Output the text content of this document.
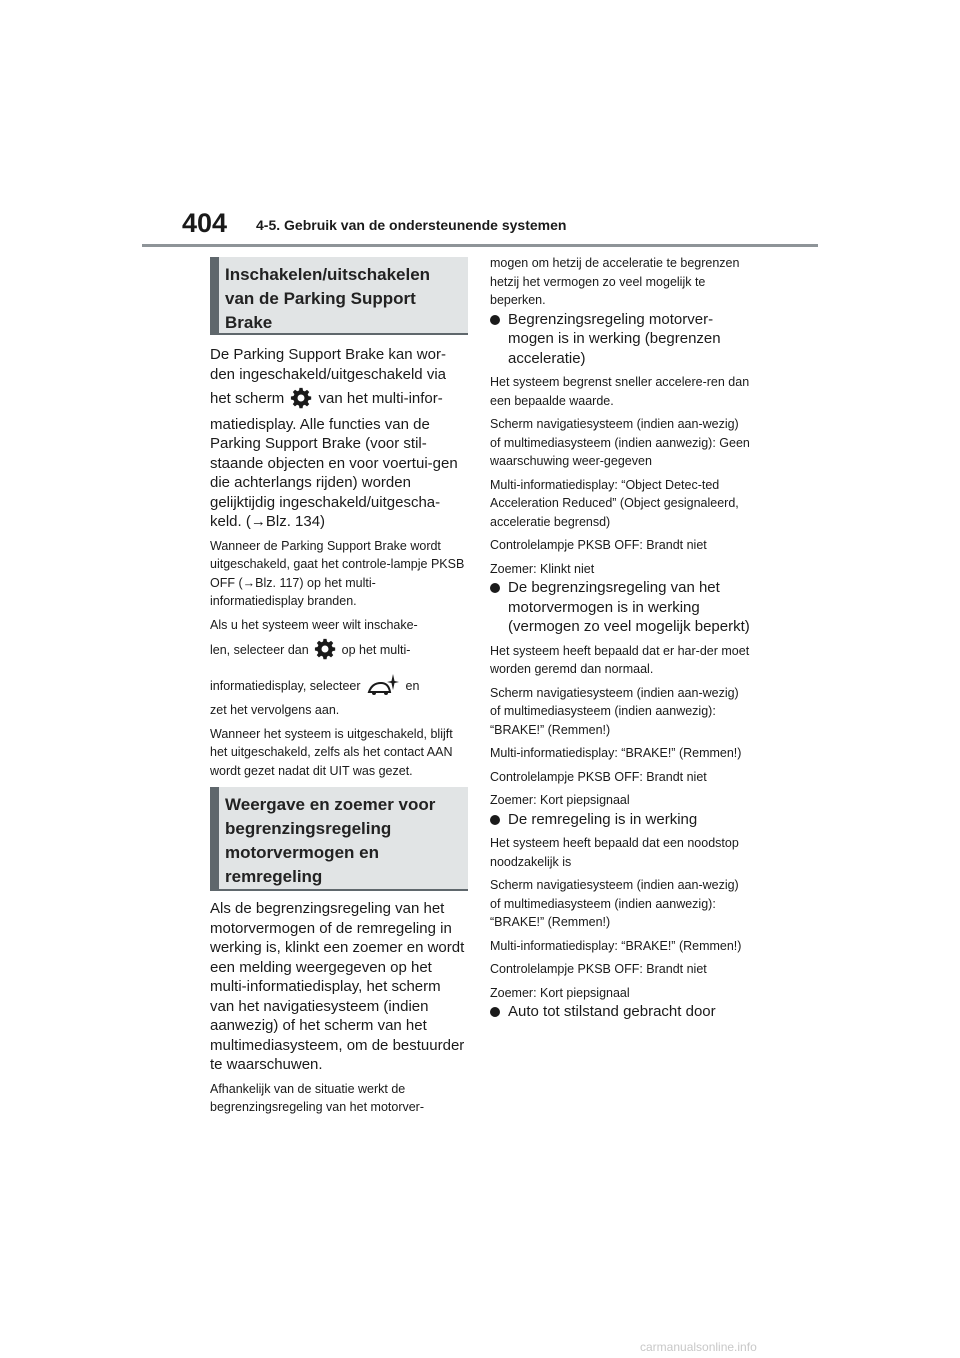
404 4-5. Gebruik van de ondersteunende systemen
Inschakelen/uitschakelen
van de Parking Support
Brake

De Parking Support Brake kan wor-den ingeschakeld/uitgeschakeld via

het scherm van het multi-infor-

matiedisplay. Alle functies van de Parking Support Brake (voor stil-staande objecten en voor voertui-gen die achterlangs rijden) worden gelijktijdig ingeschakeld/uitgescha-keld. (→Blz. 134)

Wanneer de Parking Support Brake wordt uitgeschakeld, gaat het controle-lampje PKSB OFF (→Blz. 117) op het multi-informatiedisplay branden.

Als u het systeem weer wilt inschake-

len, selecteer dan	op het multi-

informatiedisplay, selecteer	en

zet het vervolgens aan.

Wanneer het systeem is uitgeschakeld, blijft het uitgeschakeld, zelfs als het contact AAN wordt gezet nadat dit UIT was gezet.

Weergave en zoemer voor
begrenzingsregeling
motorvermogen en
remregeling

Als de begrenzingsregeling van het motorvermogen of de remregeling in werking is, klinkt een zoemer en wordt een melding weergegeven op het multi-informatiedisplay, het scherm van het navigatiesysteem (indien aanwezig) of het scherm van het multimediasysteem, om de bestuurder te waarschuwen.

Afhankelijk van de situatie werkt de begrenzingsregeling van het motorver-

mogen om hetzij de acceleratie te begrenzen hetzij het vermogen zo veel mogelijk te beperken.

Begrenzingsregeling motorver-mogen is in werking (begrenzen acceleratie)

Het systeem begrenst sneller accelere-ren dan een bepaalde waarde.

Scherm navigatiesysteem (indien aan-wezig) of multimediasysteem (indien aanwezig): Geen waarschuwing weer-gegeven

Multi-informatiedisplay: “Object Detec-ted Acceleration Reduced” (Object gesignaleerd, acceleratie begrensd)

Controlelampje PKSB OFF: Brandt niet

Zoemer: Klinkt niet

De begrenzingsregeling van het motorvermogen is in werking (vermogen zo veel mogelijk beperkt)

Het systeem heeft bepaald dat er har-der moet worden geremd dan normaal.

Scherm navigatiesysteem (indien aan-wezig) of multimediasysteem (indien aanwezig): “BRAKE!” (Remmen!)

Multi-informatiedisplay: “BRAKE!” (Remmen!)

Controlelampje PKSB OFF: Brandt niet

Zoemer: Kort piepsignaal

De remregeling is in werking

Het systeem heeft bepaald dat een noodstop noodzakelijk is

Scherm navigatiesysteem (indien aan-wezig) of multimediasysteem (indien aanwezig): “BRAKE!” (Remmen!)

Multi-informatiedisplay: “BRAKE!” (Remmen!)

Controlelampje PKSB OFF: Brandt niet

Zoemer: Kort piepsignaal

Auto tot stilstand gebracht door

carmanualsonline.info
